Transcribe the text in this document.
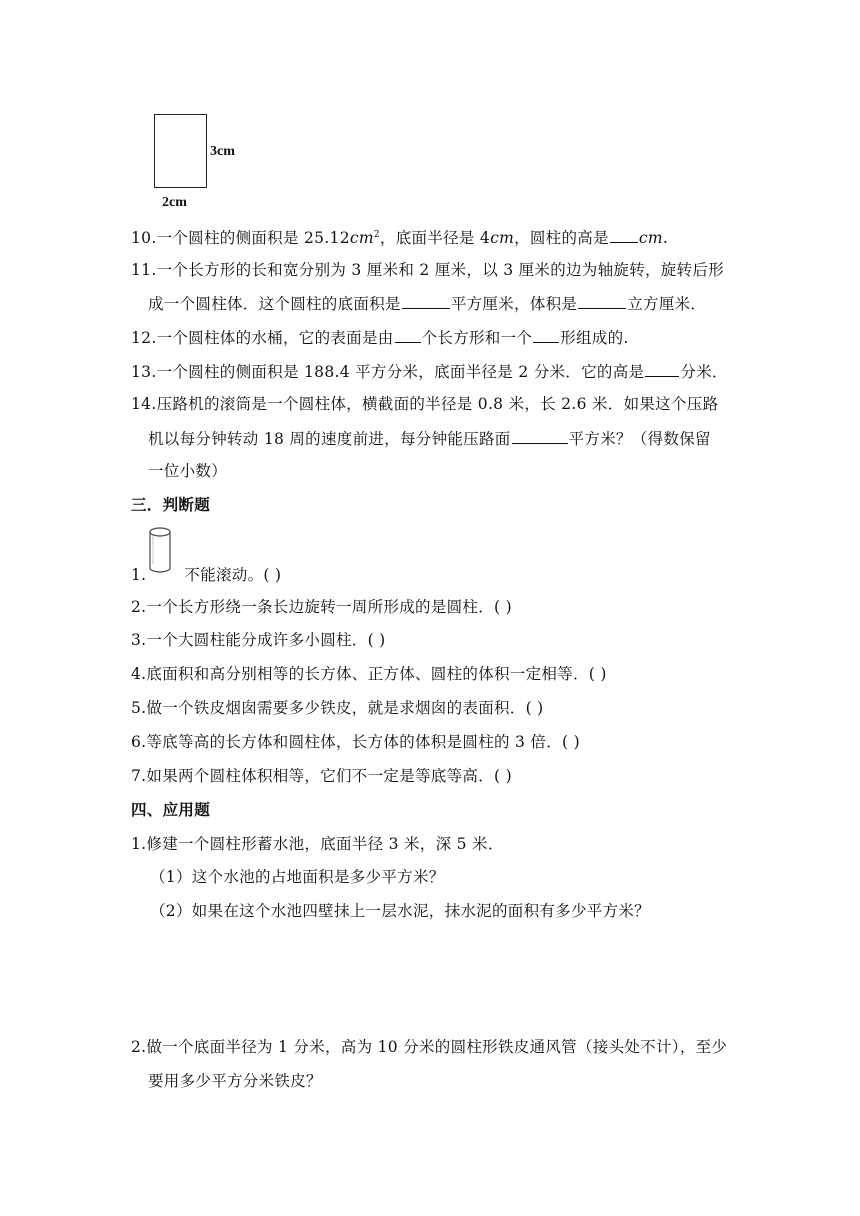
3cm
2cm
10.一个圆柱的侧面积是 $25.12cm^2$，底面半径是 4cm，圆柱的高是 cm.
11.一个长方形的长和宽分别为 3 厘米和 2 厘米，以 3 厘米的边为轴旋转，旋转后形
成一个圆柱体．这个圆柱的底面积是	平方厘米，体积是	立方厘米．
12.一个圆柱体的水桶，它的表面是由 个长方形和一个 形组成的.
13.一个圆柱的侧面积是 188.4 平方分米，底面半径是 2 分米．它的高是 分米．
14.压路机的滚筒是一个圆柱体，横截面的半径是 0.8 米，长 2.6 米．如果这个压路
机以每分钟转动 18 周的速度前进，每分钟能压路面	平方米？（得数保留
一位小数）
三．判断题
1. 不能滚动。( )
2.一个长方形绕一条长边旋转一周所形成的是圆柱．( )
3.一个大圆柱能分成许多小圆柱．( )
4.底面积和高分别相等的长方体、正方体、圆柱的体积一定相等．( )
5.做一个铁皮烟囱需要多少铁皮，就是求烟囱的表面积．( )
6.等底等高的长方体和圆柱体，长方体的体积是圆柱的 3 倍．( )
7.如果两个圆柱体积相等，它们不一定是等底等高．( )
四、应用题
1.修建一个圆柱形蓄水池，底面半径 3 米，深 5 米．
（1）这个水池的占地面积是多少平方米？
（2）如果在这个水池四壁抹上一层水泥，抹水泥的面积有多少平方米？
2.做一个底面半径为 1 分米，高为 10 分米的圆柱形铁皮通风管（接头处不计），至少
要用多少平方分米铁皮？
